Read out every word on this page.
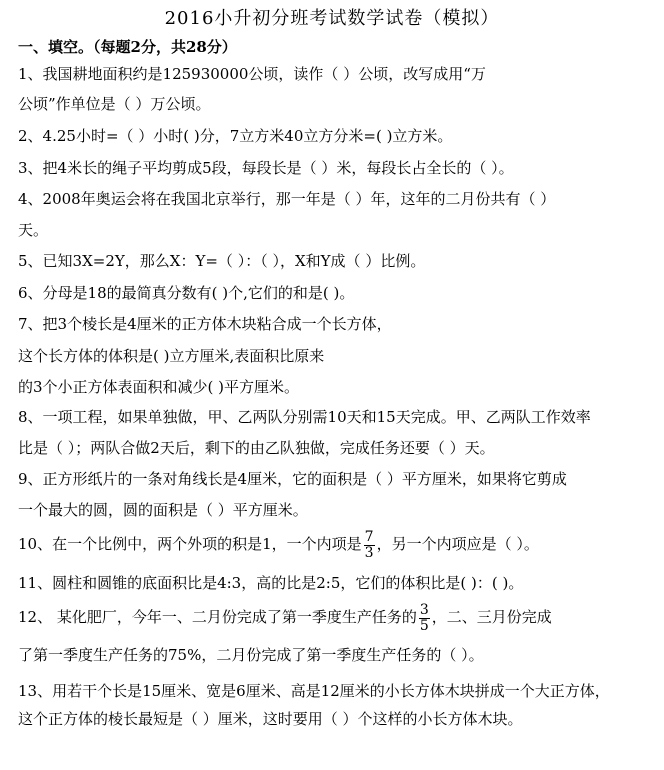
2016小升初分班考试数学试卷（模拟）
一、填空。（每题2分，共28分）
1、我国耕地面积约是125930000公顷，读作（ ）公顷，改写成用“万
公顷”作单位是（ ）万公顷。
2、4.25小时=（ ）小时( )分，7立方米40立方分米=( )立方米。
3、把4米长的绳子平均剪成5段，每段长是（ ）米，每段长占全长的（ ）。
4、2008年奥运会将在我国北京举行，那一年是（ ）年，这年的二月份共有（ ）
天。
5、已知3X=2Y，那么X：Y=（ ）：（ ），X和Y成（ ）比例。
6、分母是18的最简真分数有( )个,它们的和是( )。
7、把3个棱长是4厘米的正方体木块粘合成一个长方体，
这个长方体的体积是( )立方厘米,表面积比原来
的3个小正方体表面积和减少( )平方厘米。
8、一项工程，如果单独做，甲、乙两队分别需10天和15天完成。甲、乙两队工作效率
比是（ ）；两队合做2天后，剩下的由乙队独做，完成任务还要（ ）天。
9、正方形纸片的一条对角线长是4厘米，它的面积是（ ）平方厘米，如果将它剪成
一个最大的圆，圆的面积是（ ）平方厘米。
10、在一个比例中，两个外项的积是1，一个内项是 $\frac{7}{3}$ ，另一个内项应是（ ）。
11、圆柱和圆锥的底面积比是4:3，高的比是2:5，它们的体积比是( )：( )。
12、 某化肥厂，今年一、二月份完成了第一季度生产任务的 $\frac{3}{5}$ ，二、三月份完成
了第一季度生产任务的75%，二月份完成了第一季度生产任务的（ ）。
13、用若干个长是15厘米、宽是6厘米、高是12厘米的小长方体木块拼成一个大正方体，
这个正方体的棱长最短是（ ）厘米，这时要用（ ）个这样的小长方体木块。
